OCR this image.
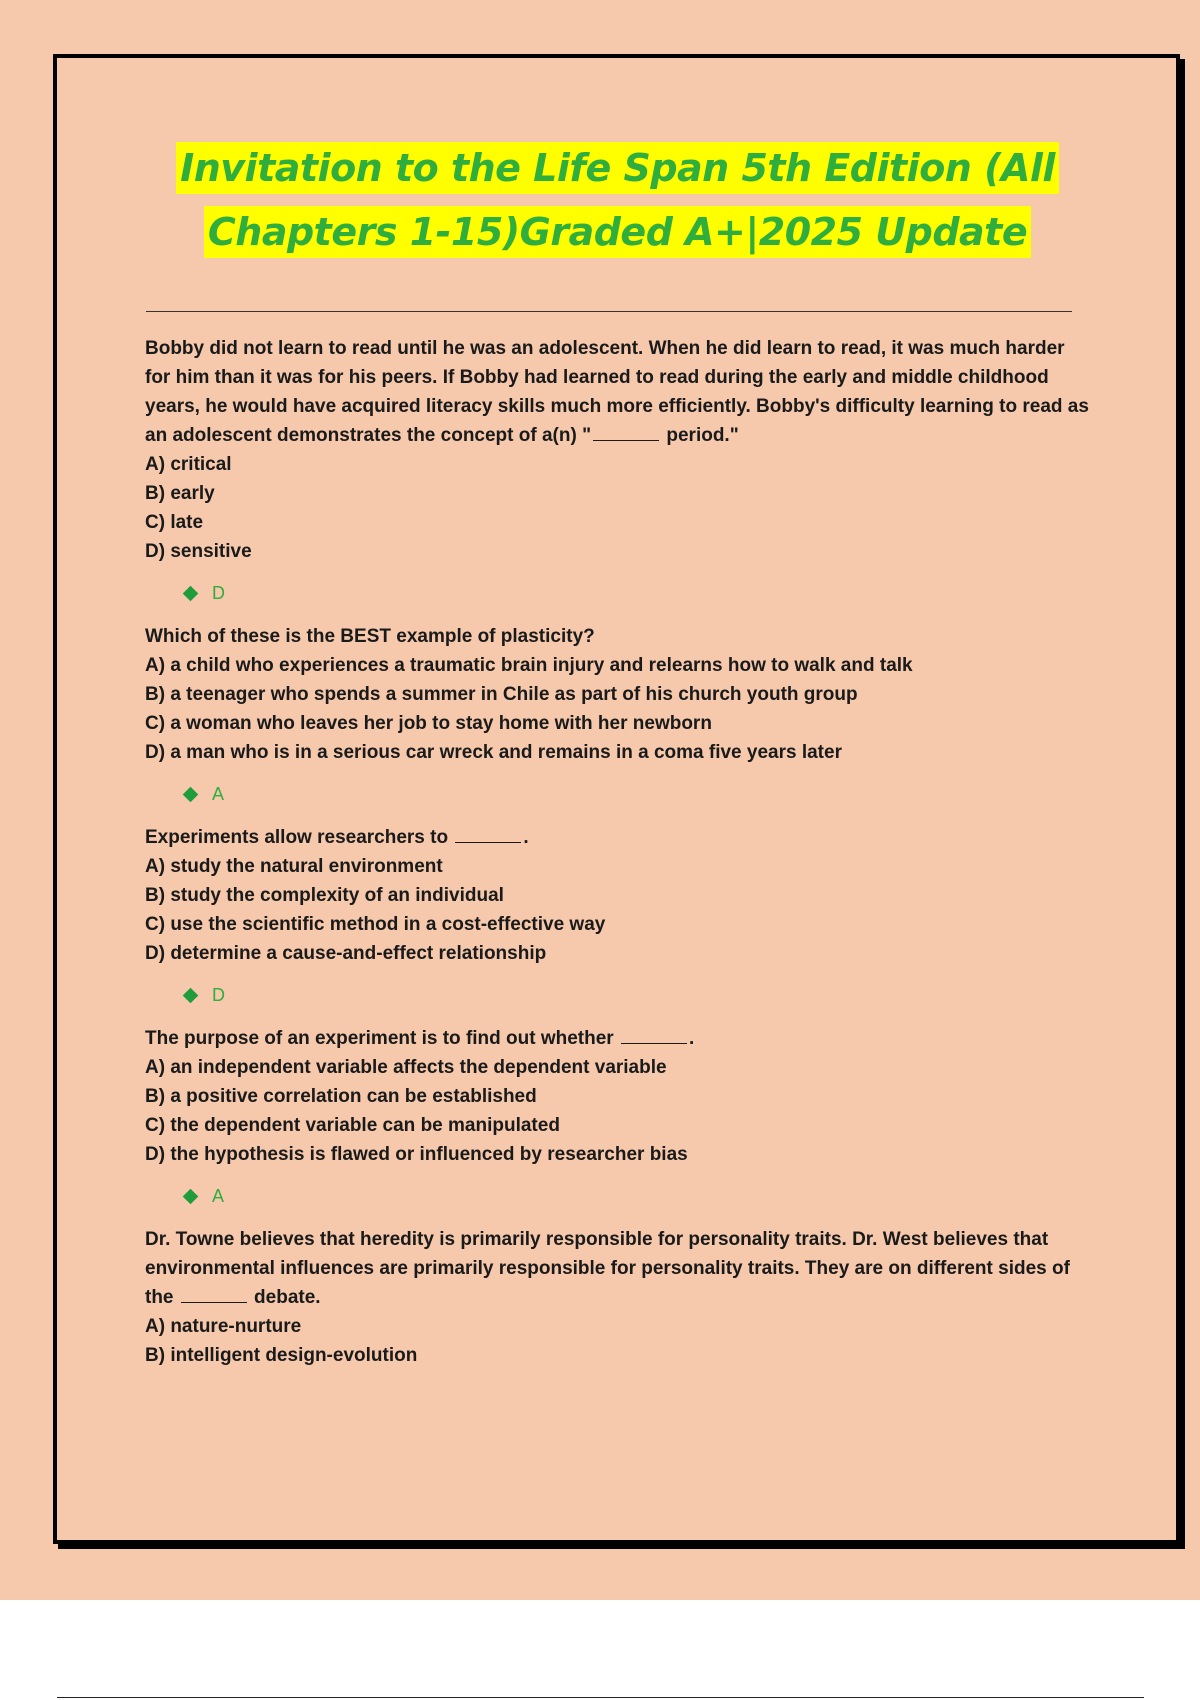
Invitation to the Life Span 5th Edition (All
Chapters 1-15)Graded A+|2025 Update

Bobby did not learn to read until he was an adolescent. When he did learn to read, it was much harder for him than it was for his peers. If Bobby had learned to read during the early and middle childhood years, he would have acquired literacy skills much more efficiently. Bobby's difficulty learning to read as an adolescent demonstrates the concept of a(n) "	period."

A) critical
B) early
C) late
D) sensitive
D

Which of these is the BEST example of plasticity?

A) a child who experiences a traumatic brain injury and relearns how to walk and talk
B) a teenager who spends a summer in Chile as part of his church youth group
C) a woman who leaves her job to stay home with her newborn
D) a man who is in a serious car wreck and remains in a coma five years later
A

Experiments allow researchers to	.

A) study the natural environment
B) study the complexity of an individual
C) use the scientific method in a cost-effective way
D) determine a cause-and-effect relationship
D

The purpose of an experiment is to find out whether	.

A) an independent variable affects the dependent variable
B) a positive correlation can be established
C) the dependent variable can be manipulated
D) the hypothesis is flawed or influenced by researcher bias
A

Dr. Towne believes that heredity is primarily responsible for personality traits. Dr. West believes that environmental influences are primarily responsible for personality traits. They are on different sides of the	debate.

A) nature-nurture
B) intelligent design-evolution
